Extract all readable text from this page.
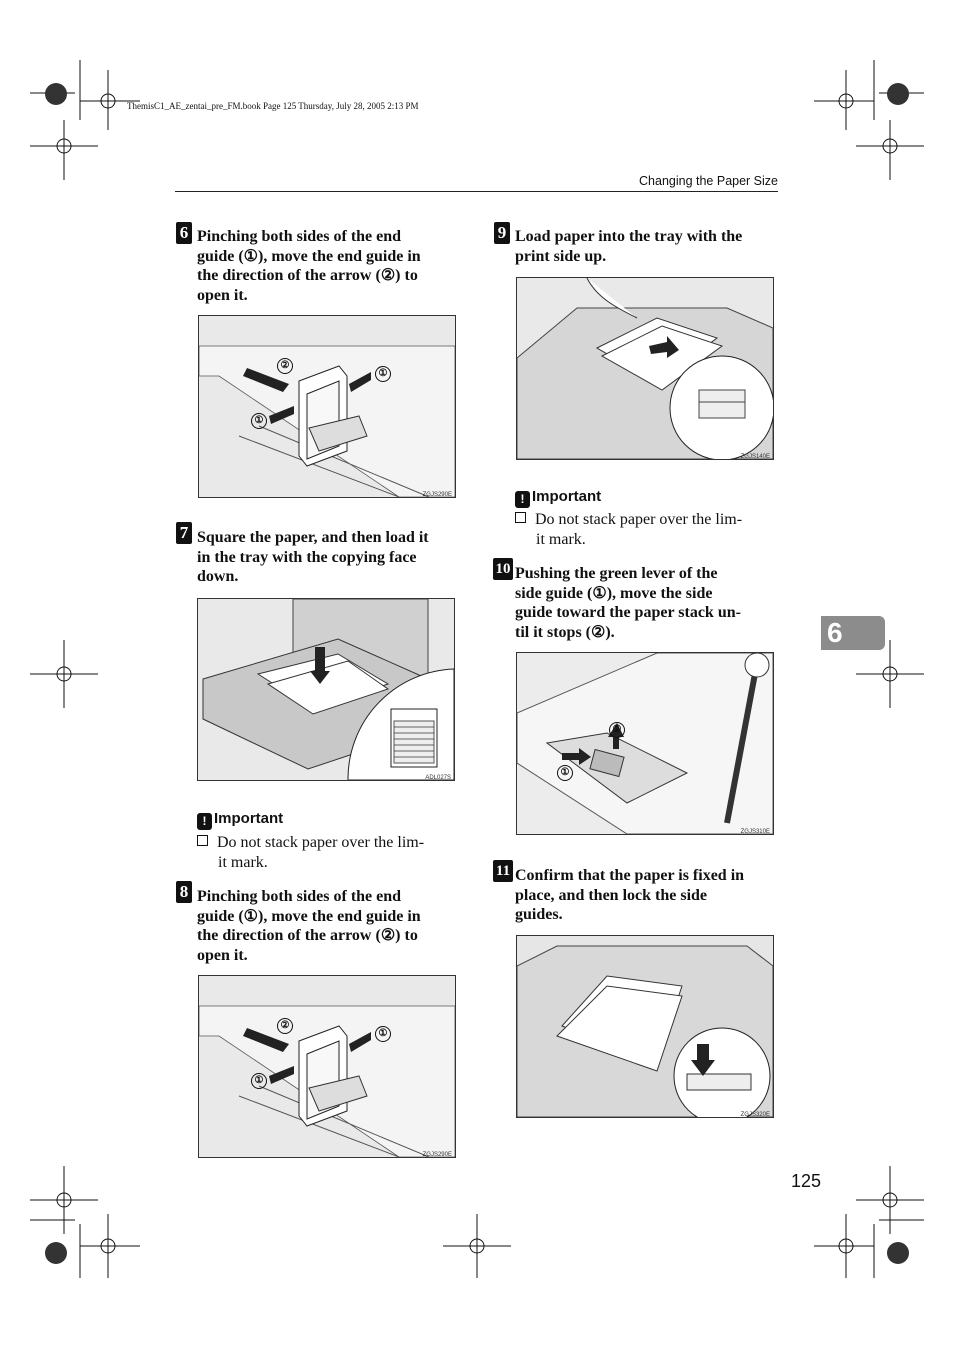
ThemisC1_AE_zentai_pre_FM.book Page 125 Thursday, July 28, 2005 2:13 PM
Changing the Paper Size
6
125
6 Pinching both sides of the end
guide (①), move the end guide in
the direction of the arrow (②) to
open it.
②
①
①
ZGJS290E
7 Square the paper, and then load it
in the tray with the copying face
down.
ADL027S
! Important
Do not stack paper over the lim-
it mark.
8 Pinching both sides of the end
guide (①), move the end guide in
the direction of the arrow (②) to
open it.
②
①
①
ZGJS290E
9 Load paper into the tray with the
print side up.
ZGJS140E
! Important
Do not stack paper over the lim-
it mark.
10 Pushing the green lever of the
side guide (①), move the side
guide toward the paper stack un-
til it stops (②).
②
①
ZGJS310E
11 Confirm that the paper is fixed in
place, and then lock the side
guides.
ZGJS320E
